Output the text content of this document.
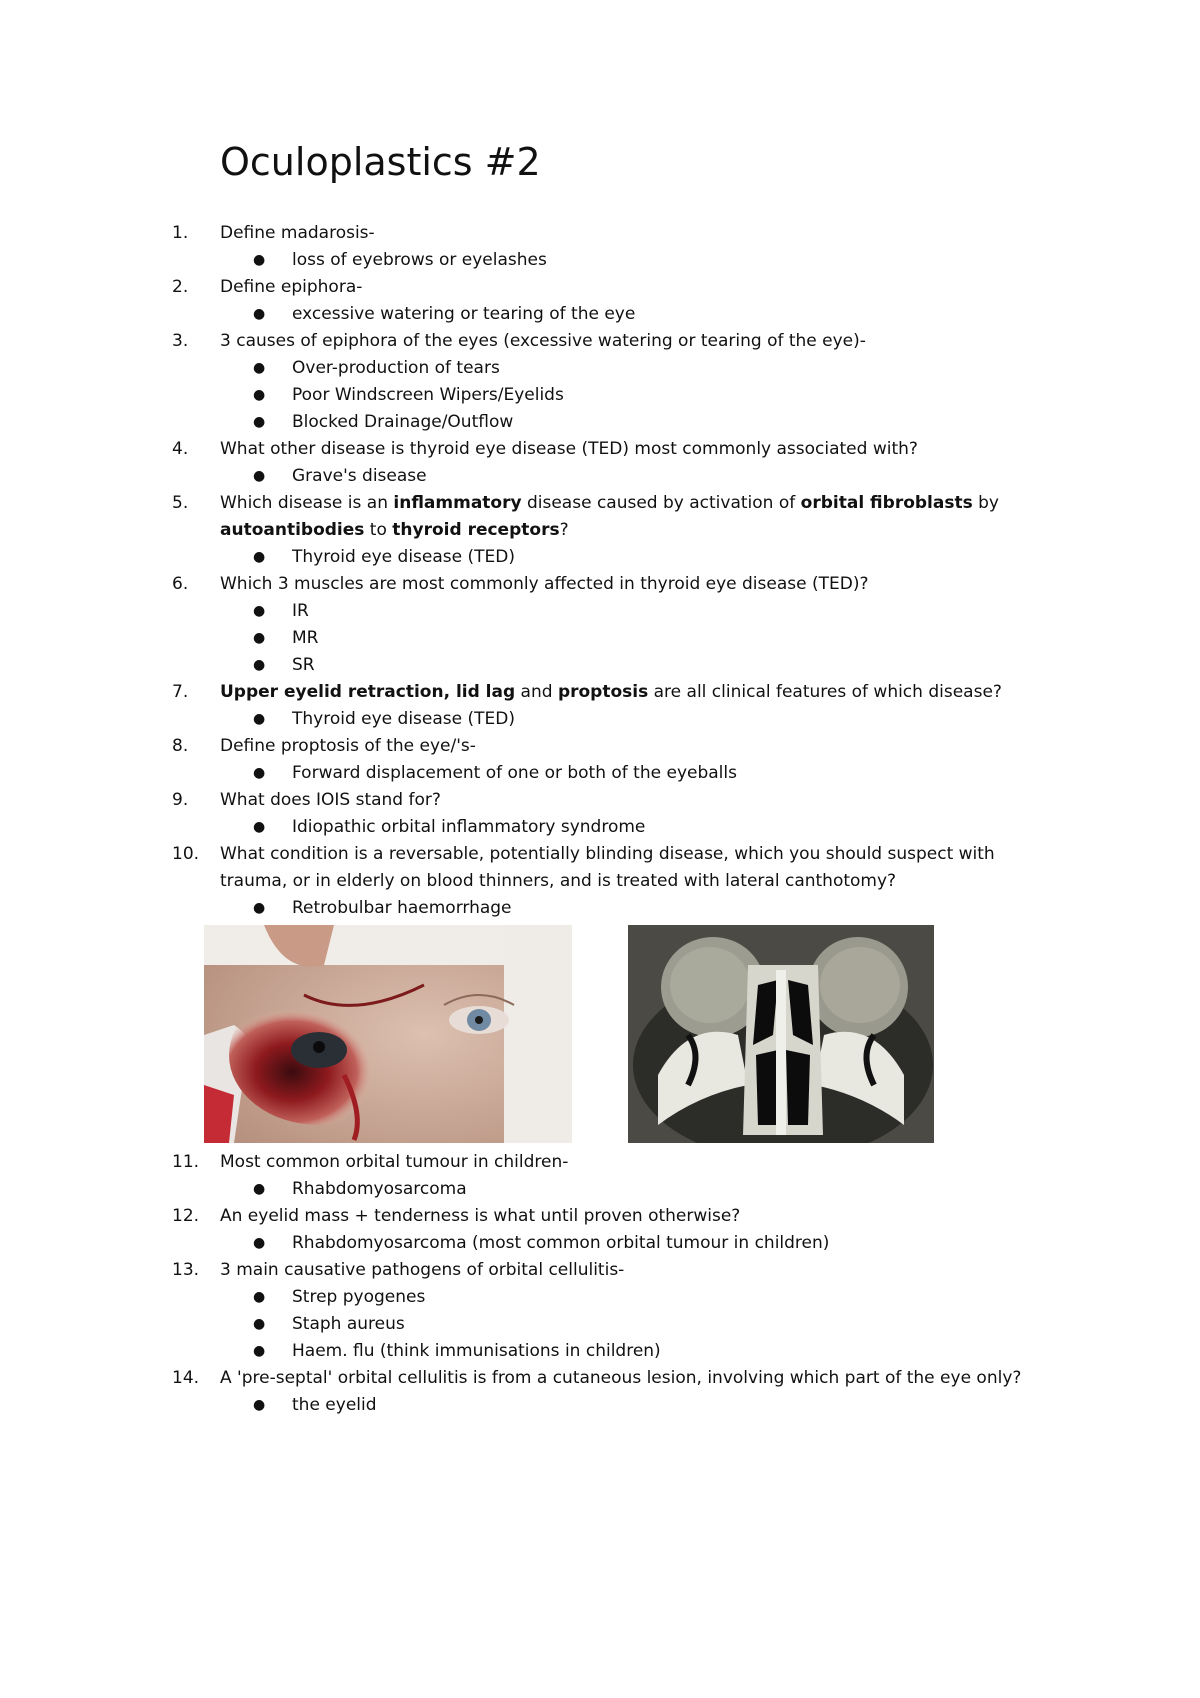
Oculoplastics #2
1.	Define madarosis-
● loss of eyebrows or eyelashes
2.	Define epiphora-
● excessive watering or tearing of the eye
3.	3 causes of epiphora of the eyes (excessive watering or tearing of the eye)-
● Over-production of tears
● Poor Windscreen Wipers/Eyelids
● Blocked Drainage/Outflow
4.	What other disease is thyroid eye disease (TED) most commonly associated with?
● Grave's disease
5.	Which disease is an inflammatory disease caused by activation of orbital fibroblasts by autoantibodies to thyroid receptors?
● Thyroid eye disease (TED)
6.	Which 3 muscles are most commonly affected in thyroid eye disease (TED)?
● IR
● MR
● SR
7.	Upper eyelid retraction, lid lag and proptosis are all clinical features of which disease?
● Thyroid eye disease (TED)
8.	Define proptosis of the eye/'s-
● Forward displacement of one or both of the eyeballs
9.	What does IOIS stand for?
● Idiopathic orbital inflammatory syndrome
10.	What condition is a reversable, potentially blinding disease, which you should suspect with trauma, or in elderly on blood thinners, and is treated with lateral canthotomy?
● Retrobulbar haemorrhage
11.	Most common orbital tumour in children-
● Rhabdomyosarcoma
12.	An eyelid mass + tenderness is what until proven otherwise?
● Rhabdomyosarcoma (most common orbital tumour in children)
13.	3 main causative pathogens of orbital cellulitis-
● Strep pyogenes
● Staph aureus
● Haem. flu (think immunisations in children)
14.	A 'pre-septal' orbital cellulitis is from a cutaneous lesion, involving which part of the eye only?
● the eyelid
